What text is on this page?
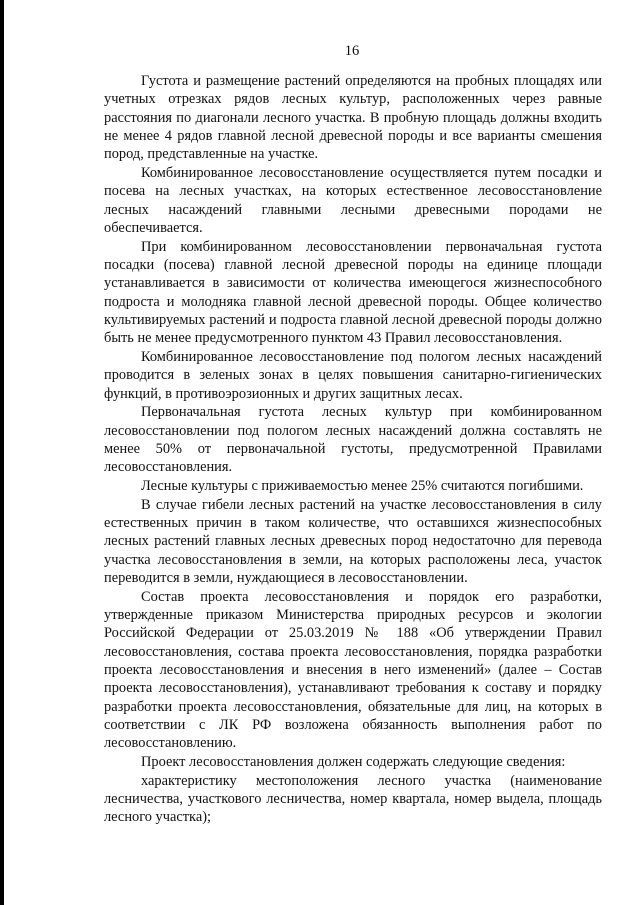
16

Густота и размещение растений определяются на пробных площадях или учетных отрезках рядов лесных культур, расположенных через равные расстояния по диагонали лесного участка. В пробную площадь должны входить не менее 4 рядов главной лесной древесной породы и все варианты смешения пород, представленные на участке.

Комбинированное лесовосстановление осуществляется путем посадки и посева на лесных участках, на которых естественное лесовосстановление лесных насаждений главными лесными древесными породами не обеспечивается.

При комбинированном лесовосстановлении первоначальная густота посадки (посева) главной лесной древесной породы на единице площади устанавливается в зависимости от количества имеющегося жизнеспособного подроста и молодняка главной лесной древесной породы. Общее количество культивируемых растений и подроста главной лесной древесной породы должно быть не менее предусмотренного пунктом 43 Правил лесовосстановления.

Комбинированное лесовосстановление под пологом лесных насаждений проводится в зеленых зонах в целях повышения санитарно-гигиенических функций, в противоэрозионных и других защитных лесах.

Первоначальная густота лесных культур при комбинированном лесовосстановлении под пологом лесных насаждений должна составлять не менее 50% от первоначальной густоты, предусмотренной Правилами лесовосстановления.

Лесные культуры с приживаемостью менее 25% считаются погибшими.

В случае гибели лесных растений на участке лесовосстановления в силу естественных причин в таком количестве, что оставшихся жизнеспособных лесных растений главных лесных древесных пород недостаточно для перевода участка лесовосстановления в земли, на которых расположены леса, участок переводится в земли, нуждающиеся в лесовосстановлении.

Состав проекта лесовосстановления и порядок его разработки, утвержденные приказом Министерства природных ресурсов и экологии Российской Федерации от 25.03.2019 № 188 «Об утверждении Правил лесовосстановления, состава проекта лесовосстановления, порядка разработки проекта лесовосстановления и внесения в него изменений» (далее – Состав проекта лесовосстановления), устанавливают требования к составу и порядку разработки проекта лесовосстановления, обязательные для лиц, на которых в соответствии с ЛК РФ возложена обязанность выполнения работ по лесовосстановлению.

Проект лесовосстановления должен содержать следующие сведения:

характеристику местоположения лесного участка (наименование лесничества, участкового лесничества, номер квартала, номер выдела, площадь лесного участка);
